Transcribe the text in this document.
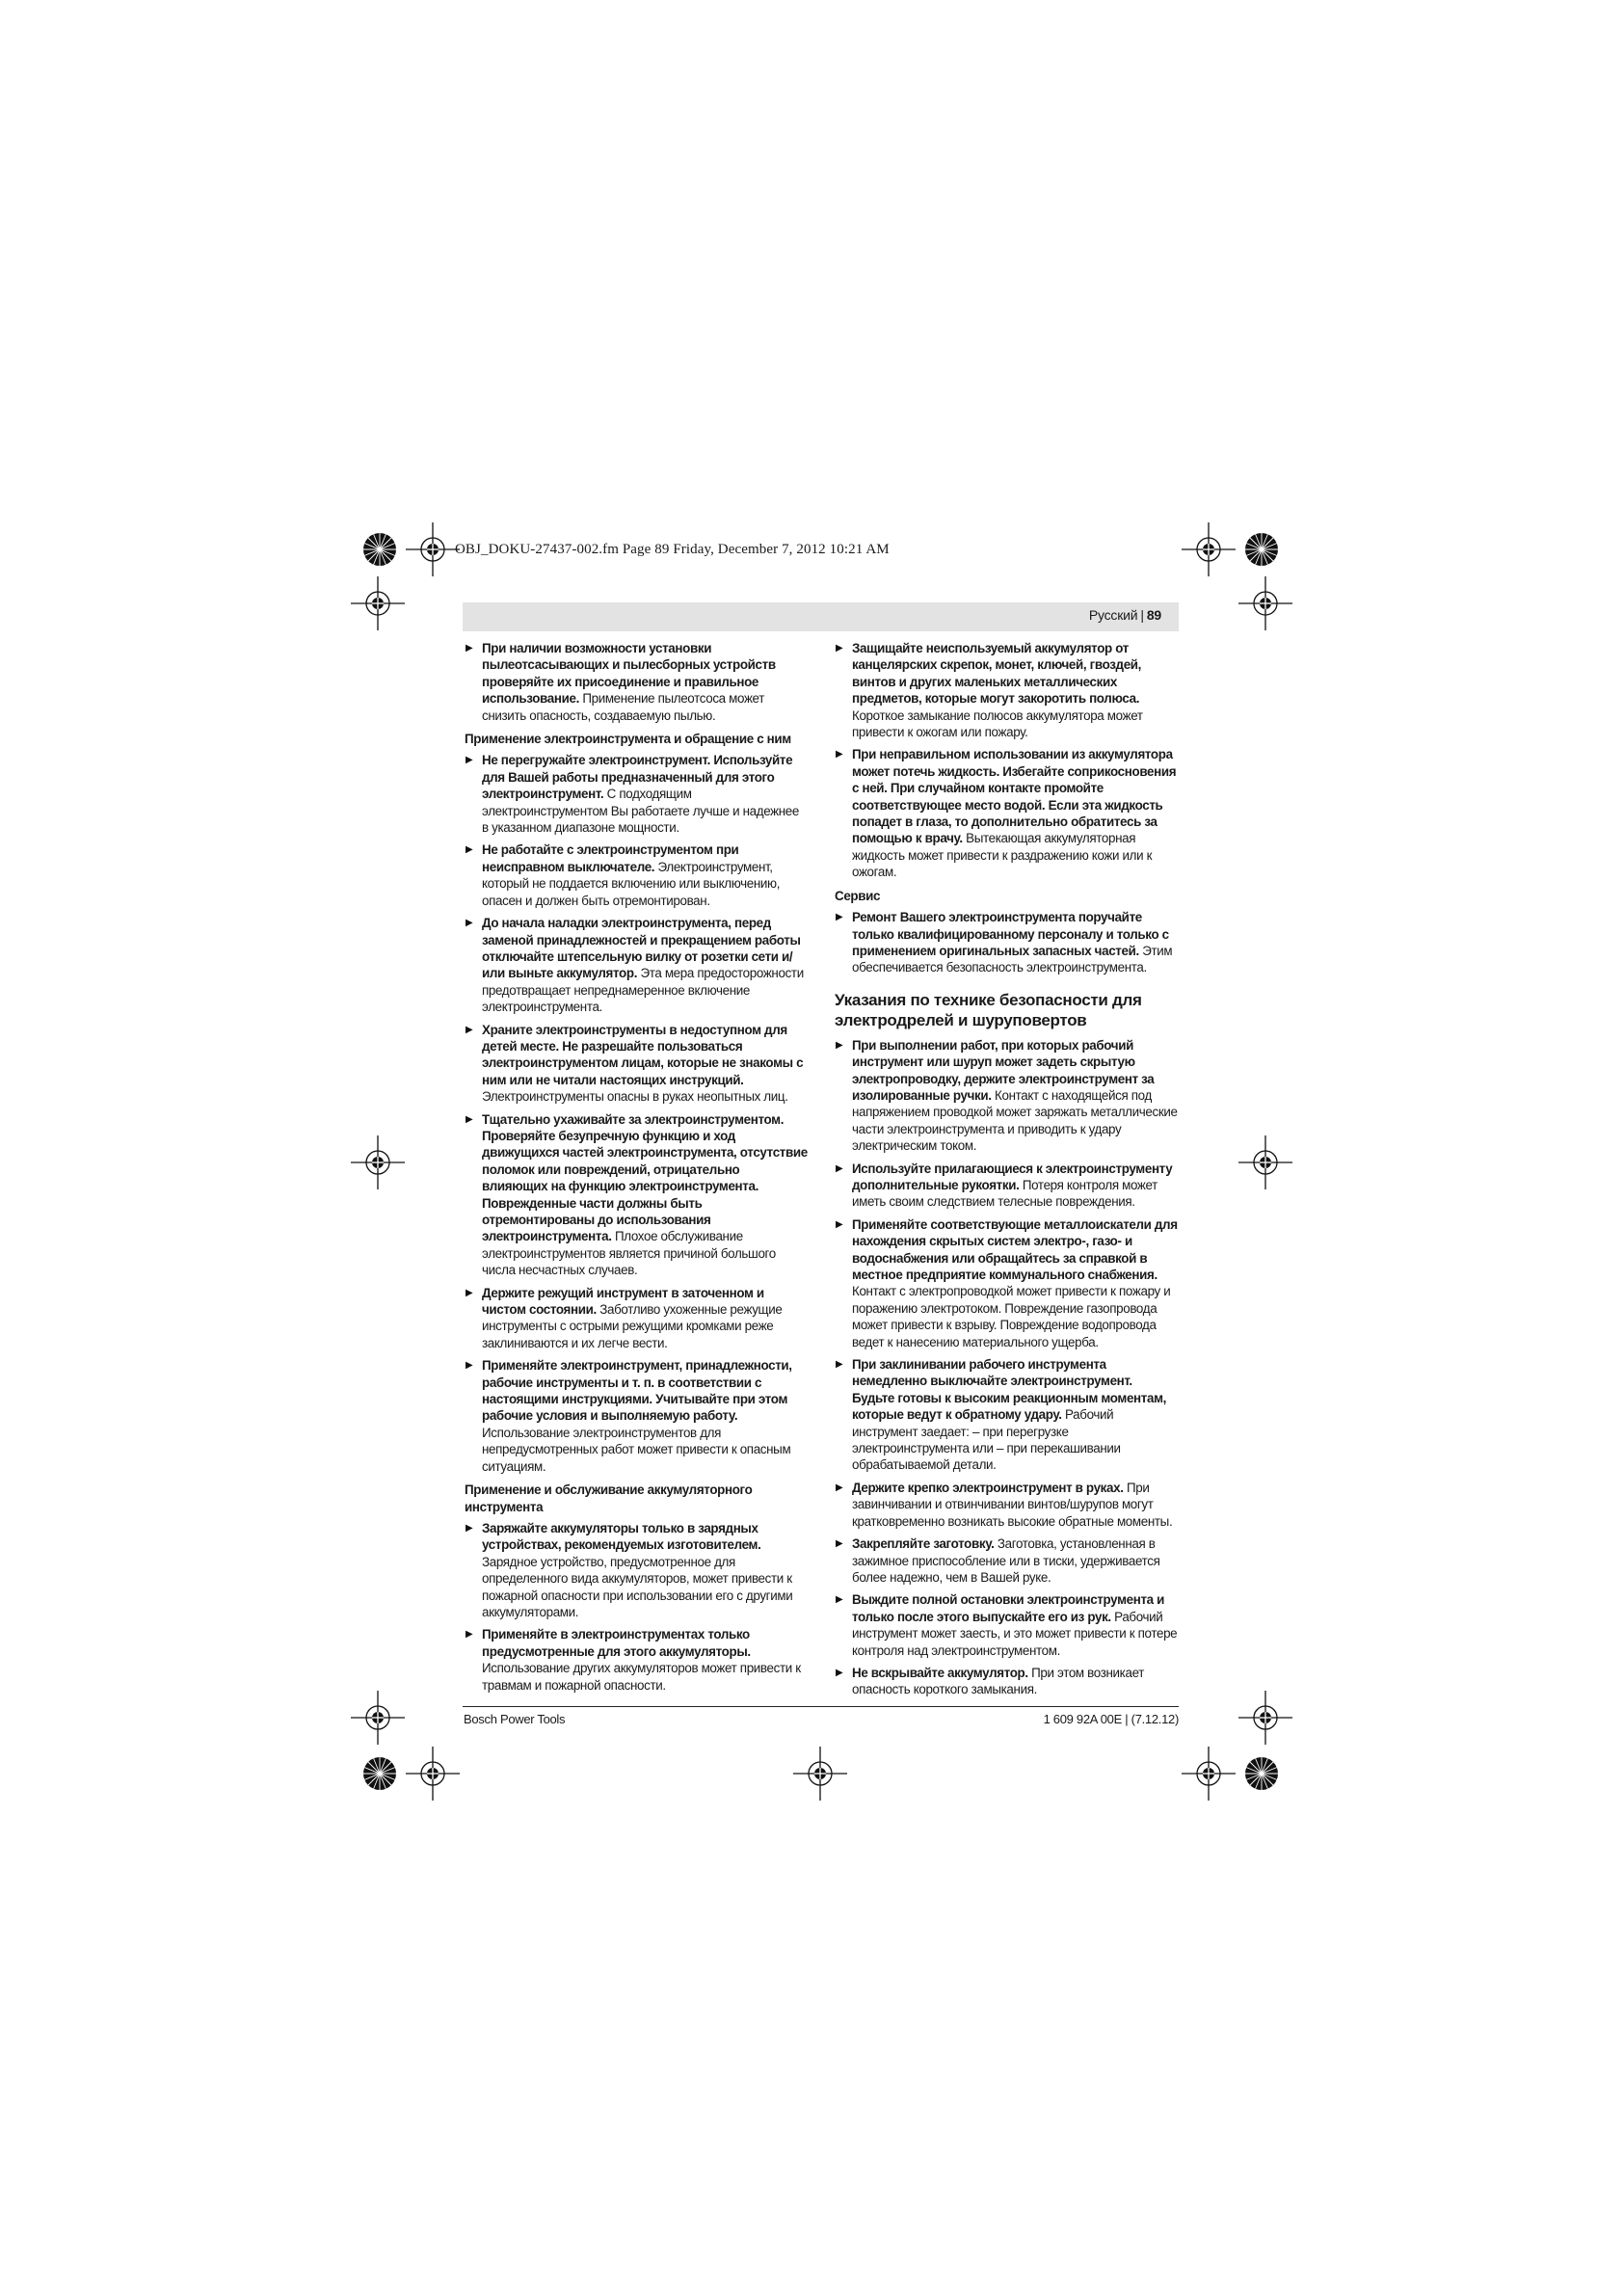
OBJ_DOKU-27437-002.fm Page 89 Friday, December 7, 2012 10:21 AM
Русский | 89
▶ При наличии возможности установки пылеотсасывающих и пылесборных устройств проверяйте их присоединение и правильное использование. Применение пылеотсоса может снизить опасность, создаваемую пылью.
Применение электроинструмента и обращение с ним
▶ Не перегружайте электроинструмент. Используйте для Вашей работы предназначенный для этого электроинструмент. С подходящим электроинструментом Вы работаете лучше и надежнее в указанном диапазоне мощности.
▶ Не работайте с электроинструментом при неисправном выключателе. Электроинструмент, который не поддается включению или выключению, опасен и должен быть отремонтирован.
▶ До начала наладки электроинструмента, перед заменой принадлежностей и прекращением работы отключайте штепсельную вилку от розетки сети и/или выньте аккумулятор. Эта мера предосторожности предотвращает непреднамеренное включение электроинструмента.
▶ Храните электроинструменты в недоступном для детей месте. Не разрешайте пользоваться электроинструментом лицам, которые не знакомы с ним или не читали настоящих инструкций. Электроинструменты опасны в руках неопытных лиц.
▶ Тщательно ухаживайте за электроинструментом. Проверяйте безупречную функцию и ход движущихся частей электроинструмента, отсутствие поломок или повреждений, отрицательно влияющих на функцию электроинструмента. Поврежденные части должны быть отремонтированы до использования электроинструмента. Плохое обслуживание электроинструментов является причиной большого числа несчастных случаев.
▶ Держите режущий инструмент в заточенном и чистом состоянии. Заботливо ухоженные режущие инструменты с острыми режущими кромками реже заклиниваются и их легче вести.
▶ Применяйте электроинструмент, принадлежности, рабочие инструменты и т. п. в соответствии с настоящими инструкциями. Учитывайте при этом рабочие условия и выполняемую работу. Использование электроинструментов для непредусмотренных работ может привести к опасным ситуациям.
Применение и обслуживание аккумуляторного инструмента
▶ Заряжайте аккумуляторы только в зарядных устройствах, рекомендуемых изготовителем. Зарядное устройство, предусмотренное для определенного вида аккумуляторов, может привести к пожарной опасности при использовании его с другими аккумуляторами.
▶ Применяйте в электроинструментах только предусмотренные для этого аккумуляторы. Использование других аккумуляторов может привести к травмам и пожарной опасности.
▶ Защищайте неиспользуемый аккумулятор от канцелярских скрепок, монет, ключей, гвоздей, винтов и других маленьких металлических предметов, которые могут закоротить полюса. Короткое замыкание полюсов аккумулятора может привести к ожогам или пожару.
▶ При неправильном использовании из аккумулятора может потечь жидкость. Избегайте соприкосновения с ней. При случайном контакте промойте соответствующее место водой. Если эта жидкость попадет в глаза, то дополнительно обратитесь за помощью к врачу. Вытекающая аккумуляторная жидкость может привести к раздражению кожи или к ожогам.
Сервис
▶ Ремонт Вашего электроинструмента поручайте только квалифицированному персоналу и только с применением оригинальных запасных частей. Этим обеспечивается безопасность электроинструмента.
Указания по технике безопасности для электродрелей и шуруповертов
▶ При выполнении работ, при которых рабочий инструмент или шуруп может задеть скрытую электропроводку, держите электроинструмент за изолированные ручки. Контакт с находящейся под напряжением проводкой может заряжать металлические части электроинструмента и приводить к удару электрическим током.
▶ Используйте прилагающиеся к электроинструменту дополнительные рукоятки. Потеря контроля может иметь своим следствием телесные повреждения.
▶ Применяйте соответствующие металлоискатели для нахождения скрытых систем электро-, газо- и водоснабжения или обращайтесь за справкой в местное предприятие коммунального снабжения. Контакт с электропроводкой может привести к пожару и поражению электротоком. Повреждение газопровода может привести к взрыву. Повреждение водопровода ведет к нанесению материального ущерба.
▶ При заклинивании рабочего инструмента немедленно выключайте электроинструмент. Будьте готовы к высоким реакционным моментам, которые ведут к обратному удару. Рабочий инструмент заедает: – при перегрузке электроинструмента или – при перекашивании обрабатываемой детали.
▶ Держите крепко электроинструмент в руках. При завинчивании и отвинчивании винтов/шурупов могут кратковременно возникать высокие обратные моменты.
▶ Закрепляйте заготовку. Заготовка, установленная в зажимное приспособление или в тиски, удерживается более надежно, чем в Вашей руке.
▶ Выждите полной остановки электроинструмента и только после этого выпускайте его из рук. Рабочий инструмент может заесть, и это может привести к потере контроля над электроинструментом.
▶ Не вскрывайте аккумулятор. При этом возникает опасность короткого замыкания.
Bosch Power Tools	1 609 92A 00E | (7.12.12)
